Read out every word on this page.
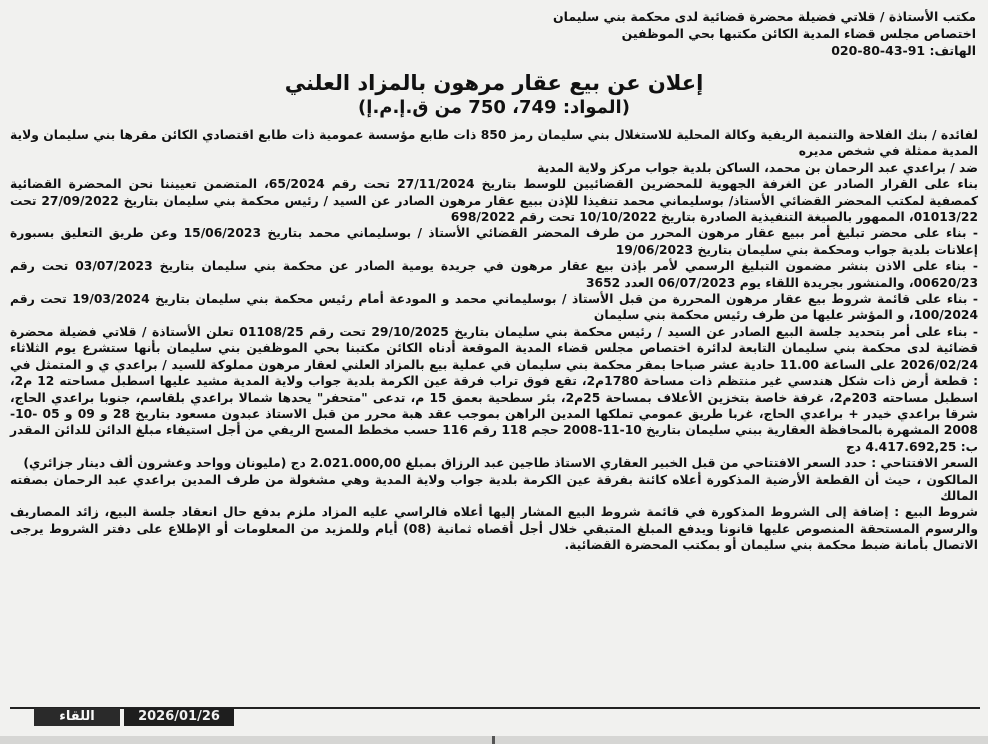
مكتب الأستاذة / قلاتي فضيلة محضرة قضائية لدى محكمة بني سليمان
اختصاص مجلس قضاء المدية الكائن مكتبها بحي الموظفين
الهاتف: 91-43-80-020
إعلان عن بيع عقار مرهون بالمزاد العلني
(المواد: 749، 750 من ق.إ.م.إ)

لفائدة / بنك الفلاحة والتنمية الريفية وكالة المحلية للاستغلال بني سليمان رمز 850 ذات طابع مؤسسة عمومية ذات طابع اقتصادي الكائن مقرها بني سليمان ولاية المدية ممثلة في شخص مديره

ضد / براعدي عبد الرحمان بن محمد، الساكن بلدية جواب مركز ولاية المدية

بناء على القرار الصادر عن الغرفة الجهوية للمحضرين القضائيين للوسط بتاريخ 27/11/2024 تحت رقم 65/2024، المتضمن تعييننا نحن المحضرة القضائية كمصفية لمكتب المحضر القضائي الأستاذ/ بوسليماني محمد تنفيذا للإذن ببيع عقار مرهون الصادر عن السيد / رئيس محكمة بني سليمان بتاريخ 27/09/2022 تحت 01013/22، الممهور بالصيغة التنفيذية الصادرة بتاريخ 10/10/2022 تحت رقم 698/2022

- بناء على محضر تبليغ أمر ببيع عقار مرهون المحرر من طرف المحضر القضائي الأستاذ / بوسليماني محمد بتاريخ 15/06/2023 وعن طريق التعليق بسبورة إعلانات بلدية جواب ومحكمة بني سليمان بتاريخ 19/06/2023

- بناء على الاذن بنشر مضمون التبليغ الرسمي لأمر بإذن بيع عقار مرهون في جريدة يومية الصادر عن محكمة بني سليمان بتاريخ 03/07/2023 تحت رقم 00620/23، والمنشور بجريدة اللقاء يوم 06/07/2023 العدد 3652

- بناء على قائمة شروط بيع عقار مرهون المحررة من قبل الأستاذ / بوسليماني محمد و المودعة أمام رئيس محكمة بني سليمان بتاريخ 19/03/2024 تحت رقم 100/2024، و المؤشر عليها من طرف رئيس محكمة بني سليمان

- بناء على أمر بتحديد جلسة البيع الصادر عن السيد / رئيس محكمة بني سليمان بتاريخ 29/10/2025 تحت رقم 01108/25 تعلن الأستاذة / قلاتي فضيلة محضرة قضائية لدى محكمة بني سليمان التابعة لدائرة اختصاص مجلس قضاء المدية الموقعة أدناه الكائن مكتبنا بحي الموظفين بني سليمان بأنها ستشرع يوم الثلاثاء 2026/02/24 على الساعة 11.00 حادية عشر صباحا بمقر محكمة بني سليمان في عملية بيع بالمزاد العلني لعقار مرهون مملوكة للسيد / براعدي ي و المتمثل في : قطعة أرض ذات شكل هندسي غير منتظم ذات مساحة 1780م2، تقع فوق تراب فرقة عين الكرمة بلدية جواب ولاية المدية مشيد عليها اسطبل مساحته 12 م2، اسطبل مساحته 203م2، غرفة خاصة بتخزين الأعلاف بمساحة 25م2، بئر سطحية بعمق 15 م، تدعى "متحفر" يحدها شمالا براعدي بلقاسم، جنوبا براعدي الحاج، شرقا براعدي خيدر + براعدي الحاج، غربا طريق عمومي تملكها المدين الراهن بموجب عقد هبة محرر من قبل الاستاذ عبدون مسعود بتاريخ 28 و 09 و 05 -10- 2008 المشهرة بالمحافظة العقارية ببني سليمان بتاريخ 10-11-2008 حجم 118 رقم 116 حسب مخطط المسح الريفي من أجل استيفاء مبلغ الدائن للدائن المقدر ب: 4.417.692,25 دج

السعر الافتتاحي : حدد السعر الافتتاحي من قبل الخبير العقاري الاستاذ طاجين عبد الرزاق بمبلغ 2.021.000,00 دج (مليونان وواحد وعشرون ألف دينار جزائري)

المالكون ، حيث أن القطعة الأرضية المذكورة أعلاه كائنة بفرقة عين الكرمة بلدية جواب ولاية المدية وهي مشغولة من طرف المدين براعدي عبد الرحمان بصفته المالك

شروط البيع : إضافة إلى الشروط المذكورة في قائمة شروط البيع المشار إليها أعلاه فالراسي عليه المزاد ملزم بدفع حال انعقاد جلسة البيع، زائد المصاريف والرسوم المستحقة المنصوص عليها قانونا ويدفع المبلغ المتبقي خلال أجل أقصاه ثمانية (08) أيام وللمزيد من المعلومات أو الإطلاع على دفتر الشروط يرجى الاتصال بأمانة ضبط محكمة بني سليمان أو بمكتب المحضرة القضائية.

2026/01/26
اللقاء
